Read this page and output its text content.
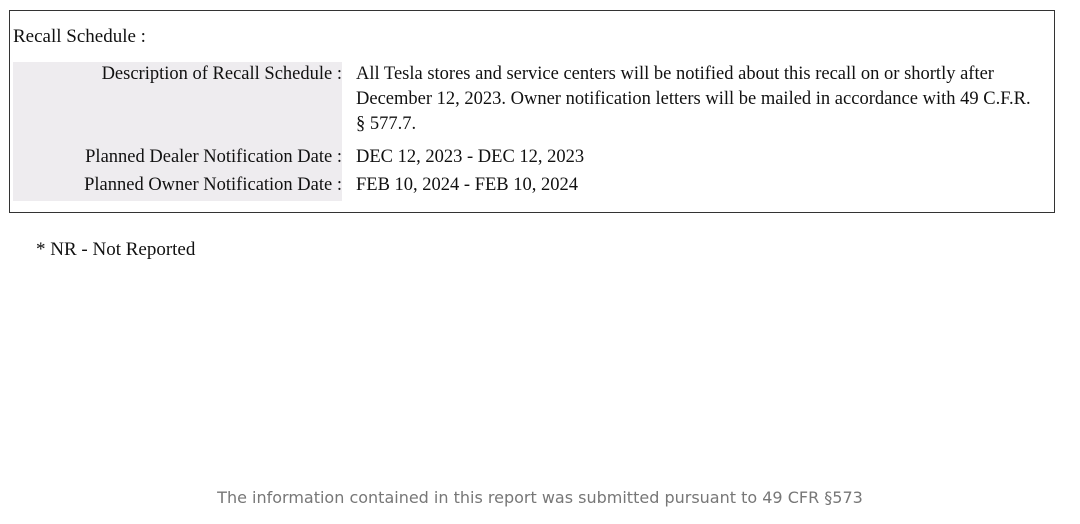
Recall Schedule :
Description of Recall Schedule : All Tesla stores and service centers will be notified about this recall on or shortly after December 12, 2023. Owner notification letters will be mailed in accordance with 49 C.F.R. § 577.7.
Planned Dealer Notification Date : DEC 12, 2023 - DEC 12, 2023
Planned Owner Notification Date : FEB 10, 2024 - FEB 10, 2024
* NR - Not Reported
The information contained in this report was submitted pursuant to 49 CFR §573
